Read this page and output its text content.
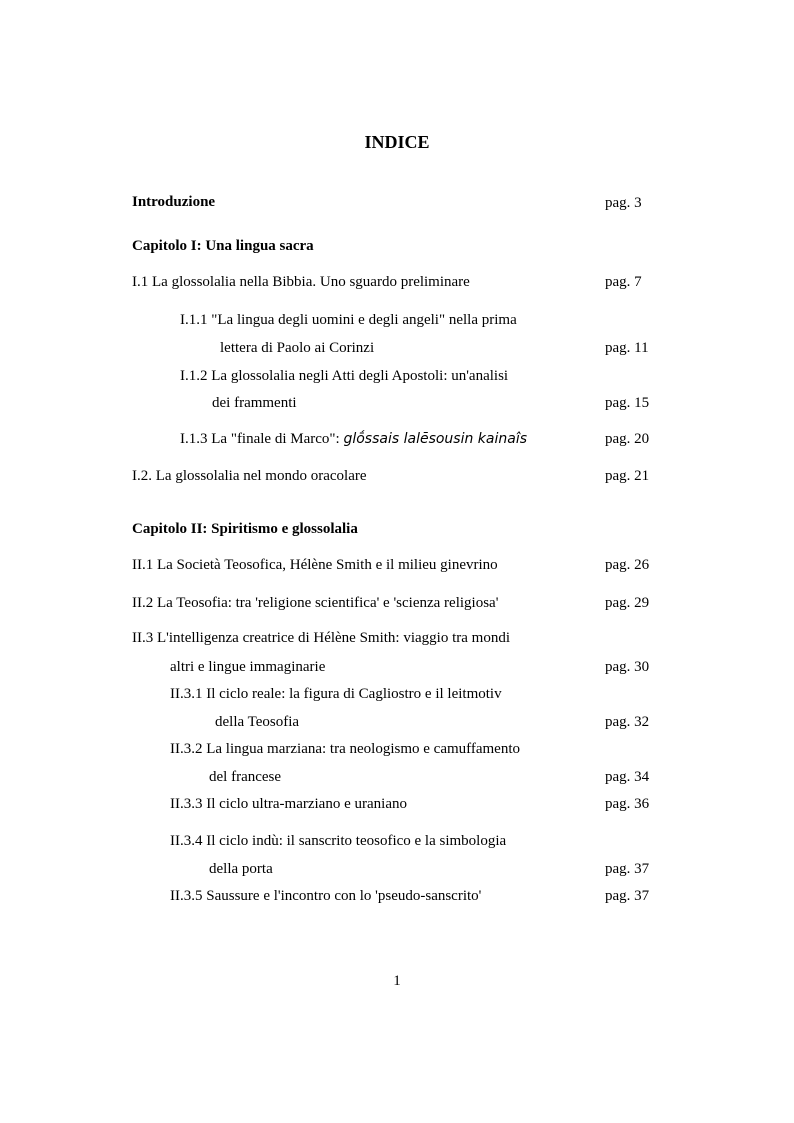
INDICE
Introduzione	pag. 3
Capitolo I: Una lingua sacra
I.1 La glossolalia nella Bibbia. Uno sguardo preliminare	pag. 7
I.1.1 "La lingua degli uomini e degli angeli" nella prima
lettera di Paolo ai Corinzi	pag. 11
I.1.2 La glossolalia negli Atti degli Apostoli: un'analisi
dei frammenti	pag. 15
I.1.3 La "finale di Marco": glṓssais lalēsousin kainaîs	pag. 20
I.2. La glossolalia nel mondo oracolare	pag. 21
Capitolo II: Spiritismo e glossolalia
II.1 La Società Teosofica, Hélène Smith e il milieu ginevrino	pag. 26
II.2 La Teosofia: tra 'religione scientifica' e 'scienza religiosa'	pag. 29
II.3 L'intelligenza creatrice di Hélène Smith: viaggio tra mondi
altri e lingue immaginarie	pag. 30
II.3.1 Il ciclo reale: la figura di Cagliostro e il leitmotiv
della Teosofia	pag. 32
II.3.2 La lingua marziana: tra neologismo e camuffamento
del francese	pag. 34
II.3.3 Il ciclo ultra-marziano e uraniano	pag. 36
II.3.4 Il ciclo indù: il sanscrito teosofico e la simbologia
della porta	pag. 37
II.3.5 Saussure e l'incontro con lo 'pseudo-sanscrito'	pag. 37
1
